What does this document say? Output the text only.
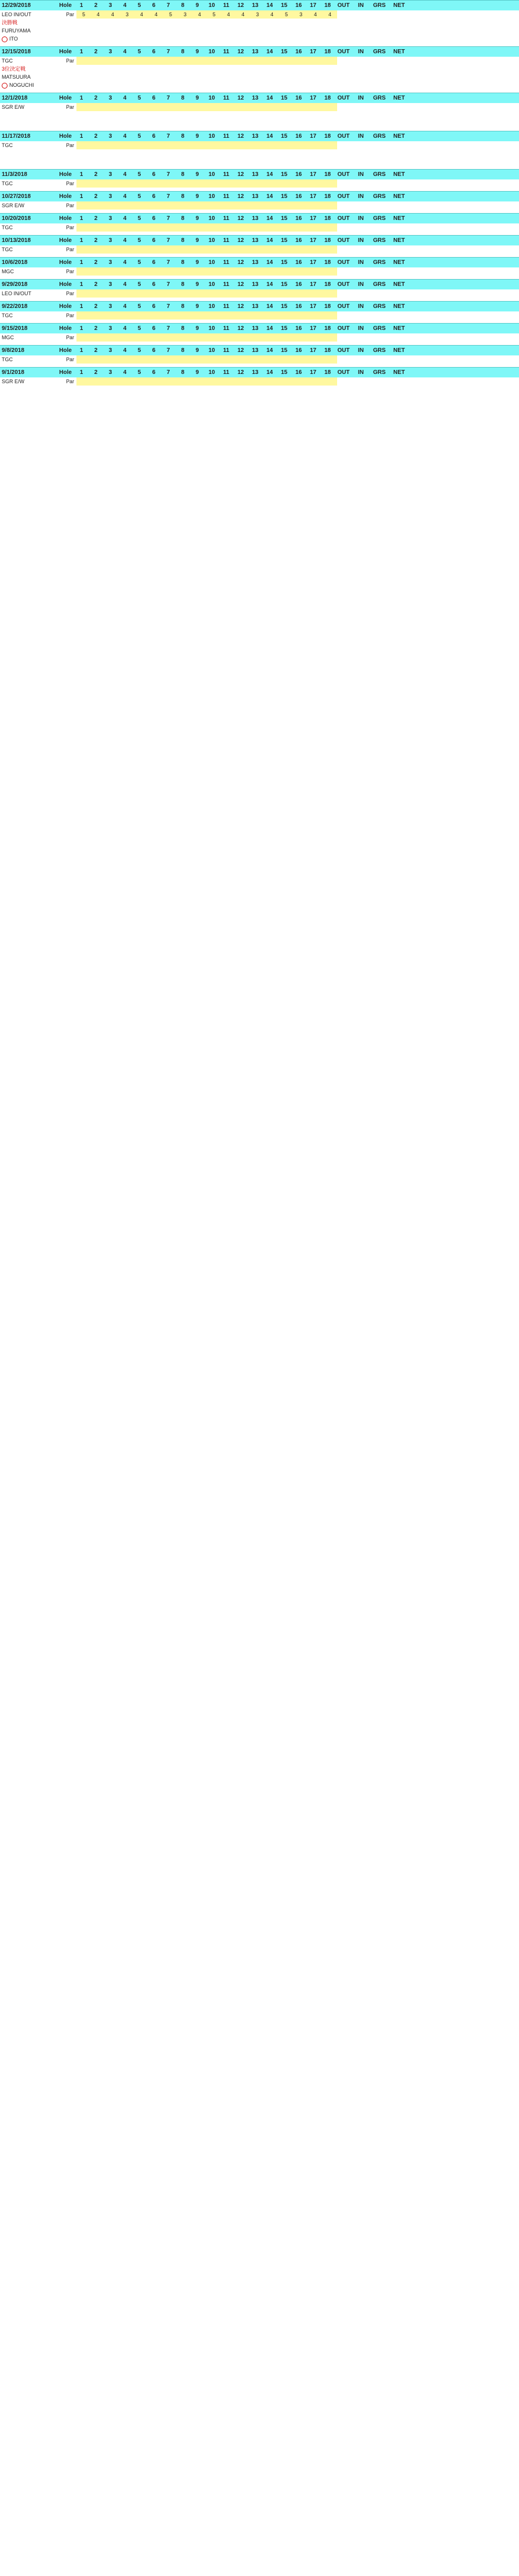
12/29/2018	Hole	1	2	3	4	5	6	7	8	9	10	11	12	13	14	15	16	17	18	OUT	IN	GRS	NET
LEO IN/OUT	Par	5	4	4	3	4	4	5	3	4	5	4	4	3	4	5	3	4	4
決勝戦
FURUYAMA
ITO
12/15/2018	Hole	1	2	3	4	5	6	7	8	9	10	11	12	13	14	15	16	17	18	OUT	IN	GRS	NET
TGC	Par
3位決定戦
MATSUURA
NOGUCHI
12/1/2018	Hole	1	2	3	4	5	6	7	8	9	10	11	12	13	14	15	16	17	18	OUT	IN	GRS	NET
SGR E/W	Par
11/17/2018	Hole	1	2	3	4	5	6	7	8	9	10	11	12	13	14	15	16	17	18	OUT	IN	GRS	NET
TGC	Par
11/3/2018	Hole	1	2	3	4	5	6	7	8	9	10	11	12	13	14	15	16	17	18	OUT	IN	GRS	NET
TGC	Par
10/27/2018	Hole	1	2	3	4	5	6	7	8	9	10	11	12	13	14	15	16	17	18	OUT	IN	GRS	NET
SGR E/W	Par
10/20/2018	Hole	1	2	3	4	5	6	7	8	9	10	11	12	13	14	15	16	17	18	OUT	IN	GRS	NET
TGC	Par
10/13/2018	Hole	1	2	3	4	5	6	7	8	9	10	11	12	13	14	15	16	17	18	OUT	IN	GRS	NET
TGC	Par
10/6/2018	Hole	1	2	3	4	5	6	7	8	9	10	11	12	13	14	15	16	17	18	OUT	IN	GRS	NET
MGC	Par
9/29/2018	Hole	1	2	3	4	5	6	7	8	9	10	11	12	13	14	15	16	17	18	OUT	IN	GRS	NET
LEO IN/OUT	Par
9/22/2018	Hole	1	2	3	4	5	6	7	8	9	10	11	12	13	14	15	16	17	18	OUT	IN	GRS	NET
TGC	Par
9/15/2018	Hole	1	2	3	4	5	6	7	8	9	10	11	12	13	14	15	16	17	18	OUT	IN	GRS	NET
MGC	Par
9/8/2018	Hole	1	2	3	4	5	6	7	8	9	10	11	12	13	14	15	16	17	18	OUT	IN	GRS	NET
TGC	Par
9/1/2018	Hole	1	2	3	4	5	6	7	8	9	10	11	12	13	14	15	16	17	18	OUT	IN	GRS	NET
SGR E/W	Par
